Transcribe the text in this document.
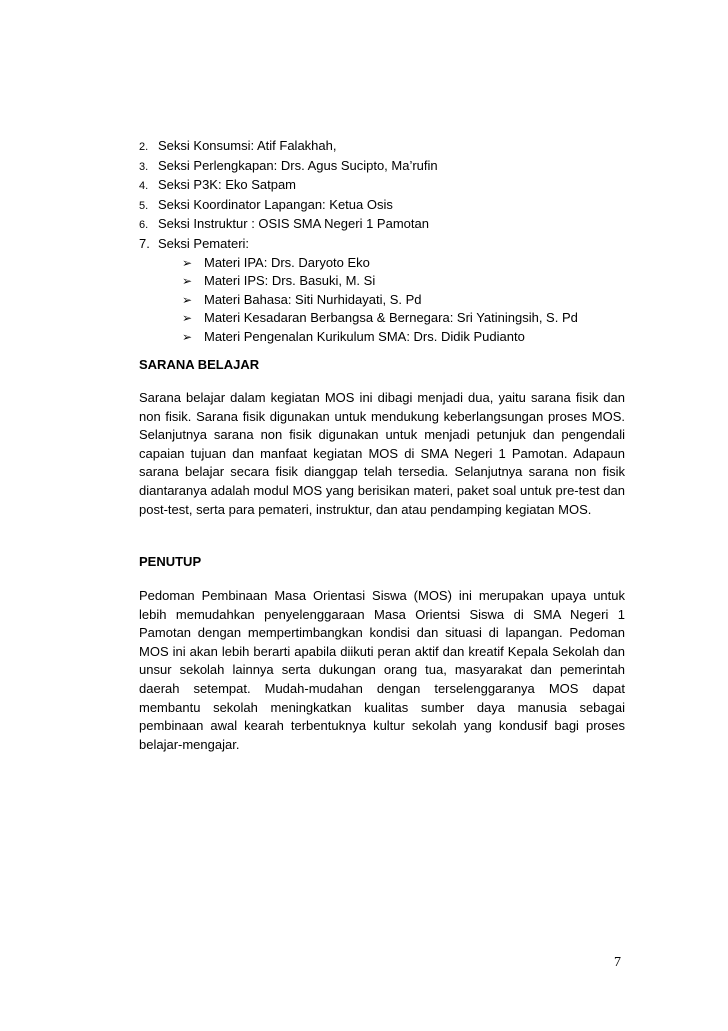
2. Seksi Konsumsi: Atif Falakhah,
3. Seksi Perlengkapan: Drs. Agus Sucipto, Ma’rufin
4. Seksi P3K: Eko Satpam
5. Seksi Koordinator Lapangan: Ketua Osis
6. Seksi Instruktur : OSIS SMA Negeri 1 Pamotan
7. Seksi Pemateri:
➢ Materi IPA: Drs. Daryoto Eko
➢ Materi IPS: Drs. Basuki, M. Si
➢ Materi Bahasa: Siti Nurhidayati, S. Pd
➢ Materi Kesadaran Berbangsa & Bernegara: Sri Yatiningsih, S. Pd
➢ Materi Pengenalan Kurikulum SMA: Drs. Didik Pudianto
SARANA BELAJAR
Sarana belajar dalam kegiatan MOS ini dibagi menjadi dua, yaitu sarana fisik dan non fisik. Sarana fisik digunakan untuk mendukung keberlangsungan proses MOS. Selanjutnya sarana non fisik digunakan untuk menjadi petunjuk dan pengendali capaian tujuan dan manfaat kegiatan MOS di SMA Negeri 1 Pamotan. Adapaun sarana belajar secara fisik dianggap telah tersedia. Selanjutnya sarana non fisik diantaranya adalah modul MOS yang berisikan materi, paket soal untuk pre-test dan post-test, serta para pemateri, instruktur, dan atau pendamping kegiatan MOS.
PENUTUP
Pedoman Pembinaan Masa Orientasi Siswa (MOS) ini merupakan upaya untuk lebih memudahkan penyelenggaraan Masa Orientsi Siswa di SMA Negeri 1 Pamotan dengan mempertimbangkan kondisi dan situasi di lapangan. Pedoman MOS ini akan lebih berarti apabila diikuti peran aktif dan kreatif Kepala Sekolah dan unsur sekolah lainnya serta dukungan orang tua, masyarakat dan pemerintah daerah setempat. Mudah-mudahan dengan terselenggaranya MOS dapat membantu sekolah meningkatkan kualitas sumber daya manusia sebagai pembinaan awal kearah terbentuknya kultur sekolah yang kondusif bagi proses belajar-mengajar.
7
